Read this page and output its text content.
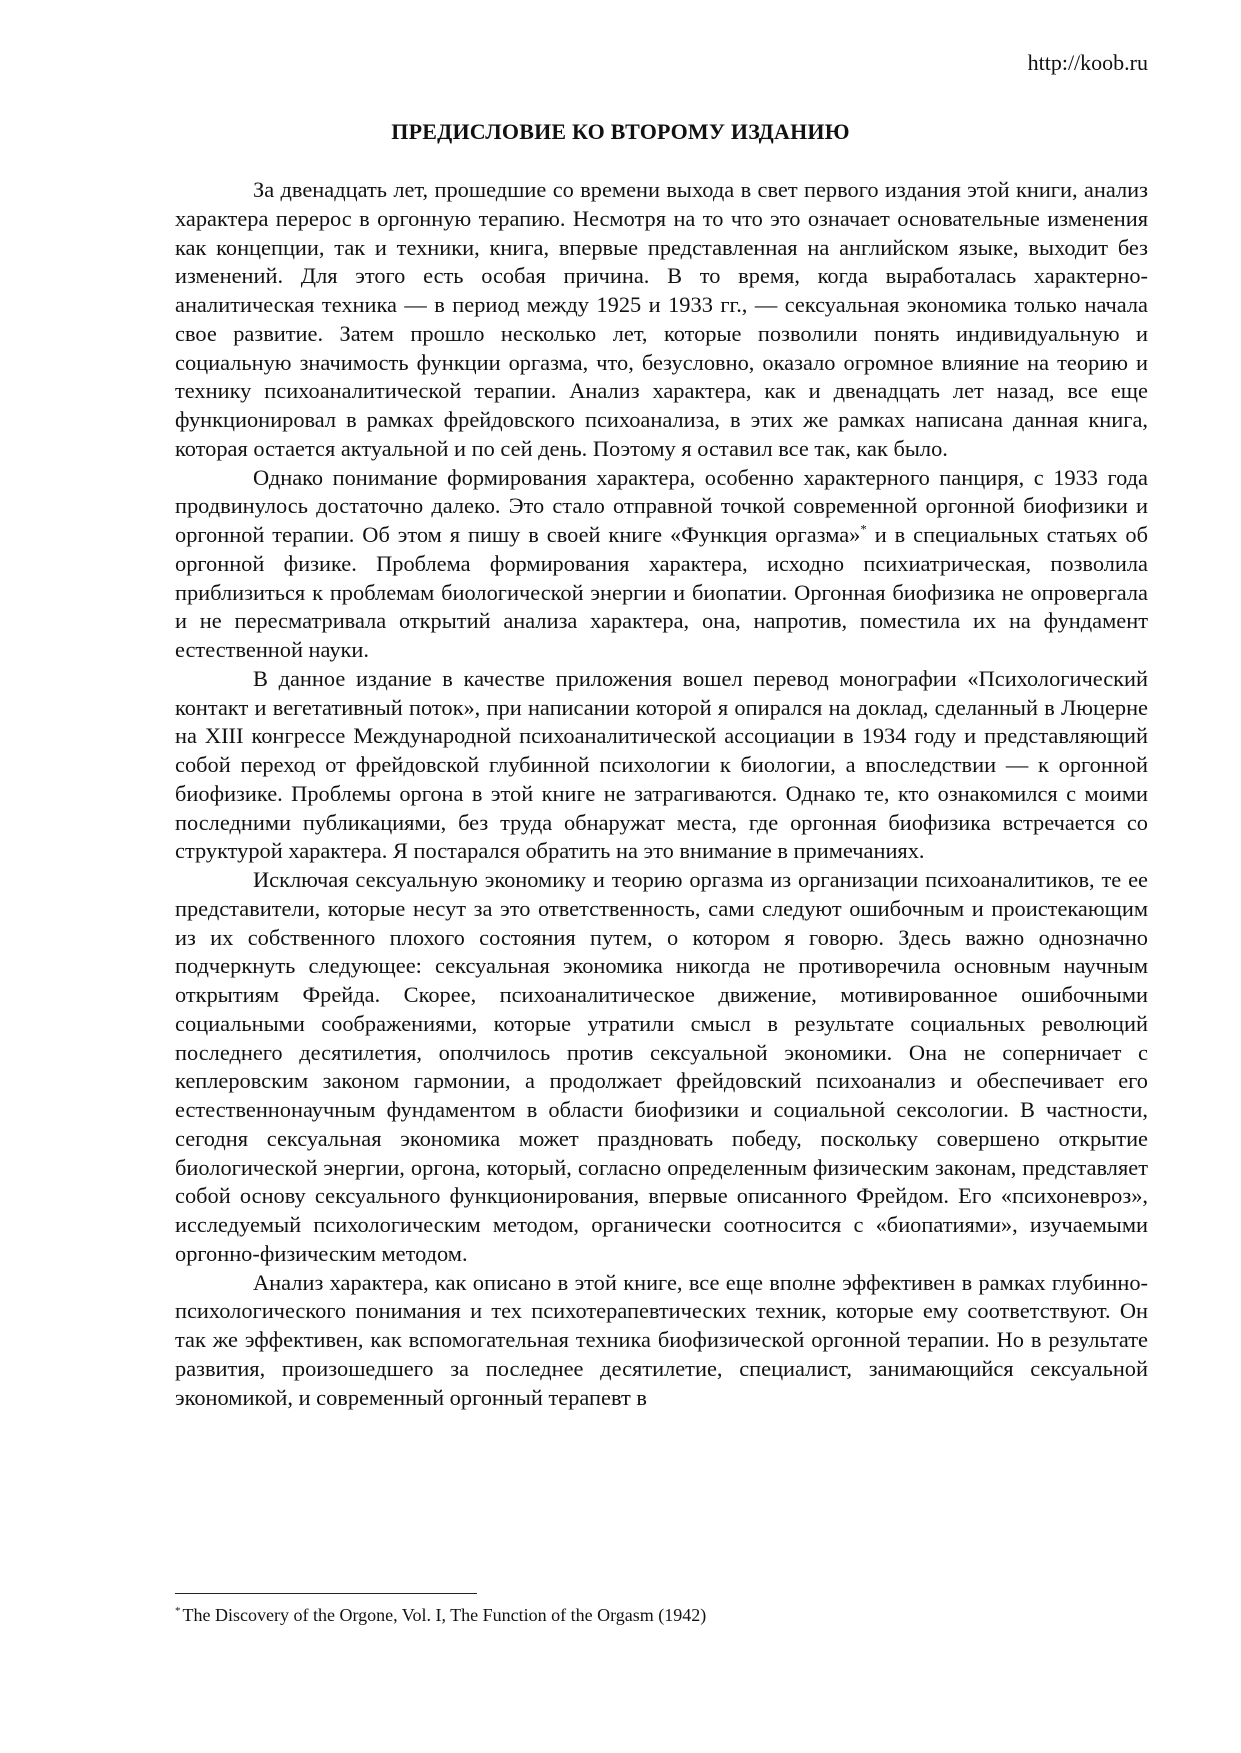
http://koob.ru
ПРЕДИСЛОВИЕ КО ВТОРОМУ ИЗДАНИЮ

За двенадцать лет, прошедшие со времени выхода в свет первого издания этой книги, анализ характера перерос в оргонную терапию. Несмотря на то что это означает основательные изменения как концепции, так и техники, книга, впервые представленная на английском языке, выходит без изменений. Для этого есть особая причина. В то время, когда выработалась характерно-аналитическая техника — в период между 1925 и 1933 гг., — сексуальная экономика только начала свое развитие. Затем прошло несколько лет, которые позволили понять индивидуальную и социальную значимость функции оргазма, что, безусловно, оказало огромное влияние на теорию и технику психоаналитической терапии. Анализ характера, как и двенадцать лет назад, все еще функционировал в рамках фрейдовского психоанализа, в этих же рамках написана данная книга, которая остается актуальной и по сей день. Поэтому я оставил все так, как было.

Однако понимание формирования характера, особенно характерного панциря, с 1933 года продвинулось достаточно далеко. Это стало отправной точкой современной оргонной биофизики и оргонной терапии. Об этом я пишу в своей книге «Функция оргазма»* и в специальных статьях об оргонной физике. Проблема формирования характера, исходно психиатрическая, позволила приблизиться к проблемам биологической энергии и биопатии. Оргонная биофизика не опровергала и не пересматривала открытий анализа характера, она, напротив, поместила их на фундамент естественной науки.

В данное издание в качестве приложения вошел перевод монографии «Психологический контакт и вегетативный поток», при написании которой я опирался на доклад, сделанный в Люцерне на XIII конгрессе Международной психоаналитической ассоциации в 1934 году и представляющий собой переход от фрейдовской глубинной психологии к биологии, а впоследствии — к оргонной биофизике. Проблемы оргона в этой книге не затрагиваются. Однако те, кто ознакомился с моими последними публикациями, без труда обнаружат места, где оргонная биофизика встречается со структурой характера. Я постарался обратить на это внимание в примечаниях.

Исключая сексуальную экономику и теорию оргазма из организации психоаналитиков, те ее представители, которые несут за это ответственность, сами следуют ошибочным и проистекающим из их собственного плохого состояния путем, о котором я говорю. Здесь важно однозначно подчеркнуть следующее: сексуальная экономика никогда не противоречила основным научным открытиям Фрейда. Скорее, психоаналитическое движение, мотивированное ошибочными социальными соображениями, которые утратили смысл в результате социальных революций последнего десятилетия, ополчилось против сексуальной экономики. Она не соперничает с кеплеровским законом гармонии, а продолжает фрейдовский психоанализ и обеспечивает его естественнонаучным фундаментом в области биофизики и социальной сексологии. В частности, сегодня сексуальная экономика может праздновать победу, поскольку совершено открытие биологической энергии, оргона, который, согласно определенным физическим законам, представляет собой основу сексуального функционирования, впервые описанного Фрейдом. Его «психоневроз», исследуемый психологическим методом, органически соотносится с «биопатиями», изучаемыми оргонно-физическим методом.

Анализ характера, как описано в этой книге, все еще вполне эффективен в рамках глубинно-психологического понимания и тех психотерапевтических техник, которые ему соответствуют. Он так же эффективен, как вспомогательная техника биофизической оргонной терапии. Но в результате развития, произошедшего за последнее десятилетие, специалист, занимающийся сексуальной экономикой, и современный оргонный терапевт в

* The Discovery of the Orgone, Vol. I, The Function of the Orgasm (1942)
